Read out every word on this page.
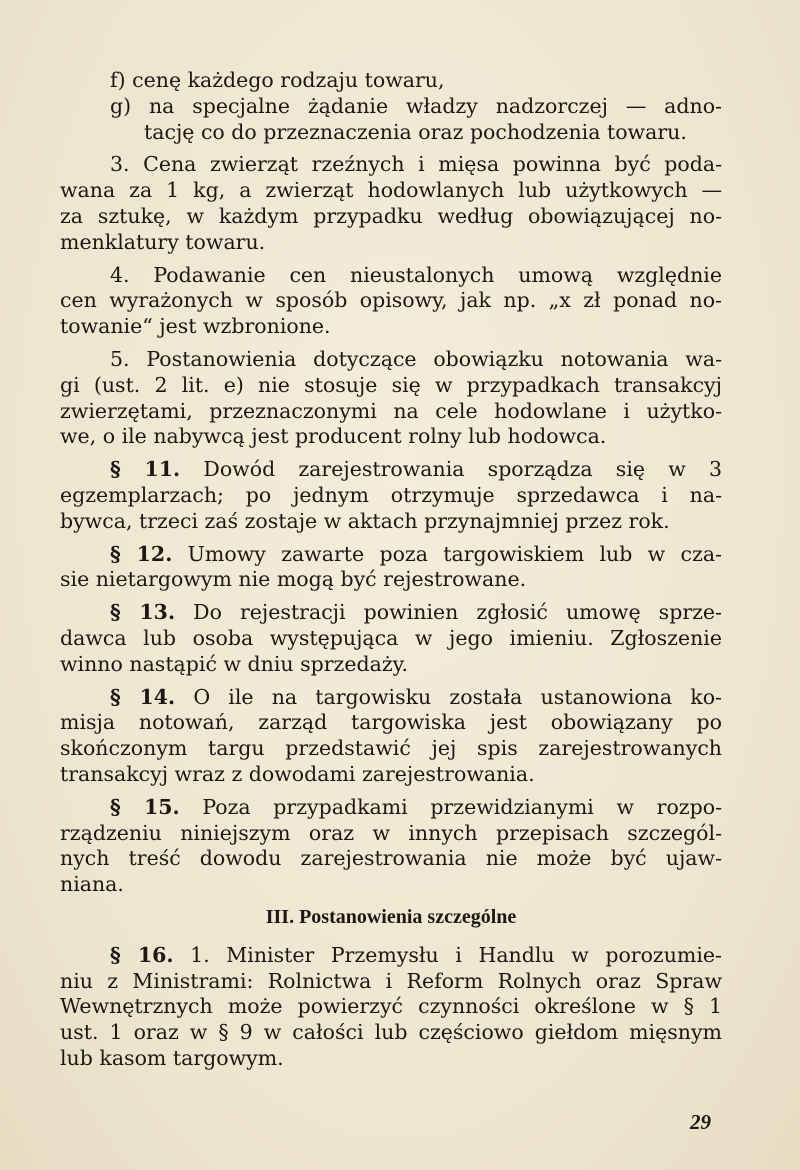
f) cenę każdego rodzaju towaru,
g) na specjalne żądanie władzy nadzorczej — adno-
tację co do przeznaczenia oraz pochodzenia towaru.
3. Cena zwierząt rzeźnych i mięsa powinna być poda-
wana za 1 kg, a zwierząt hodowlanych lub użytkowych —
za sztukę, w każdym przypadku według obowiązującej no-
menklatury towaru.
4. Podawanie cen nieustalonych umową względnie
cen wyrażonych w sposób opisowy, jak np. „x zł ponad no-
towanie“ jest wzbronione.
5. Postanowienia dotyczące obowiązku notowania wa-
gi (ust. 2 lit. e) nie stosuje się w przypadkach transakcyj
zwierzętami, przeznaczonymi na cele hodowlane i użytko-
we, o ile nabywcą jest producent rolny lub hodowca.
§ 11. Dowód zarejestrowania sporządza się w 3
egzemplarzach; po jednym otrzymuje sprzedawca i na-
bywca, trzeci zaś zostaje w aktach przynajmniej przez rok.
§ 12. Umowy zawarte poza targowiskiem lub w cza-
sie nietargowym nie mogą być rejestrowane.
§ 13. Do rejestracji powinien zgłosić umowę sprze-
dawca lub osoba występująca w jego imieniu. Zgłoszenie
winno nastąpić w dniu sprzedaży.
§ 14. O ile na targowisku została ustanowiona ko-
misja notowań, zarząd targowiska jest obowiązany po
skończonym targu przedstawić jej spis zarejestrowanych
transakcyj wraz z dowodami zarejestrowania.
§ 15. Poza przypadkami przewidzianymi w rozpo-
rządzeniu niniejszym oraz w innych przepisach szczegól-
nych treść dowodu zarejestrowania nie może być ujaw-
niana.
III. Postanowienia szczególne
§ 16. 1. Minister Przemysłu i Handlu w porozumie-
niu z Ministrami: Rolnictwa i Reform Rolnych oraz Spraw
Wewnętrznych może powierzyć czynności określone w § 1
ust. 1 oraz w § 9 w całości lub częściowo giełdom mięsnym
lub kasom targowym.
29
